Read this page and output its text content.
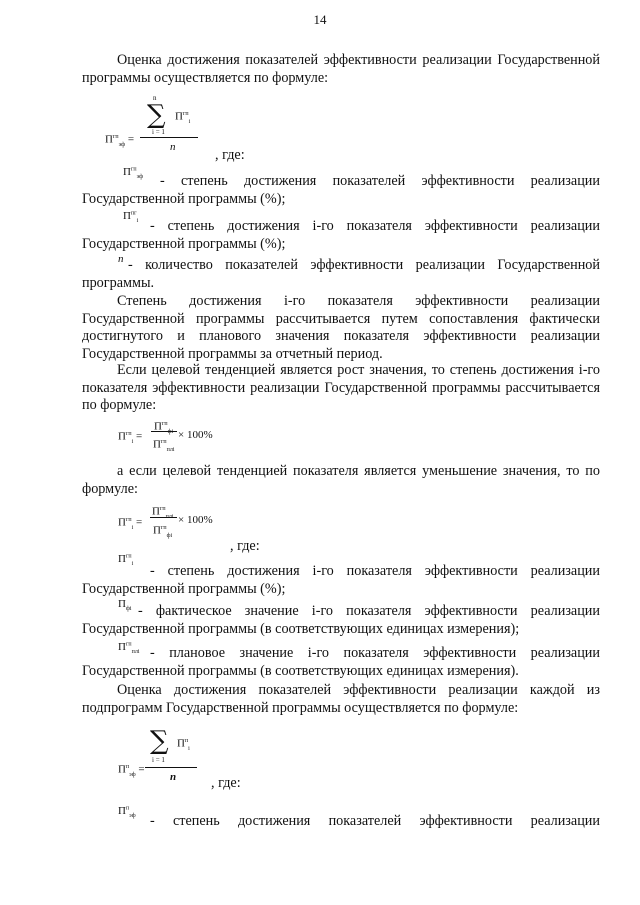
14
Оценка достижения показателей эффективности реализации Государственной программы осуществляется по формуле:
n
∑ $П^{гп}_i$
i = 1
$П^{гп}_{эф}$ =
n	, где:
$П^{гп}_{эф}$	- степень достижения показателей эффективности реализации Государственной программы (%);
$П^{пг}_i$ - степень достижения i-го показателя эффективности реализации Государственной программы (%);
n - количество показателей эффективности реализации Государственной программы.
Степень достижения i-го показателя эффективности реализации Государственной программы рассчитывается путем сопоставления фактически достигнутого и планового значения показателя эффективности реализации Государственной программы за отчетный период.
Если целевой тенденцией является рост значения, то степень достижения i-го показателя эффективности реализации Государственной программы рассчитывается по формуле:
$П^{гп}_i$ =
$П^{гп}_{фi}$
$П^{гп}_{плi}$
× 100%
а если целевой тенденцией показателя является уменьшение значения, то по формуле:
$П^{гп}_i$ =
$П^{гп}_{плi}$
$П^{гп}_{фi}$
× 100%
, где:
$П^{гп}_i$	- степень достижения i-го показателя эффективности реализации Государственной программы (%);
$П_{фi}$ - фактическое значение i-го показателя эффективности реализации Государственной программы (в соответствующих единицах измерения);
$П^{гп}_{плi}$ - плановое значение i-го показателя эффективности реализации Государственной программы (в соответствующих единицах измерения).
Оценка достижения показателей эффективности реализации каждой из подпрограмм Государственной программы осуществляется по формуле:
∑ $П^п_i$
i = 1
$П^п_{эф}$ =
n , где:
$П^п_{эф}$	- степень достижения показателей эффективности реализации
